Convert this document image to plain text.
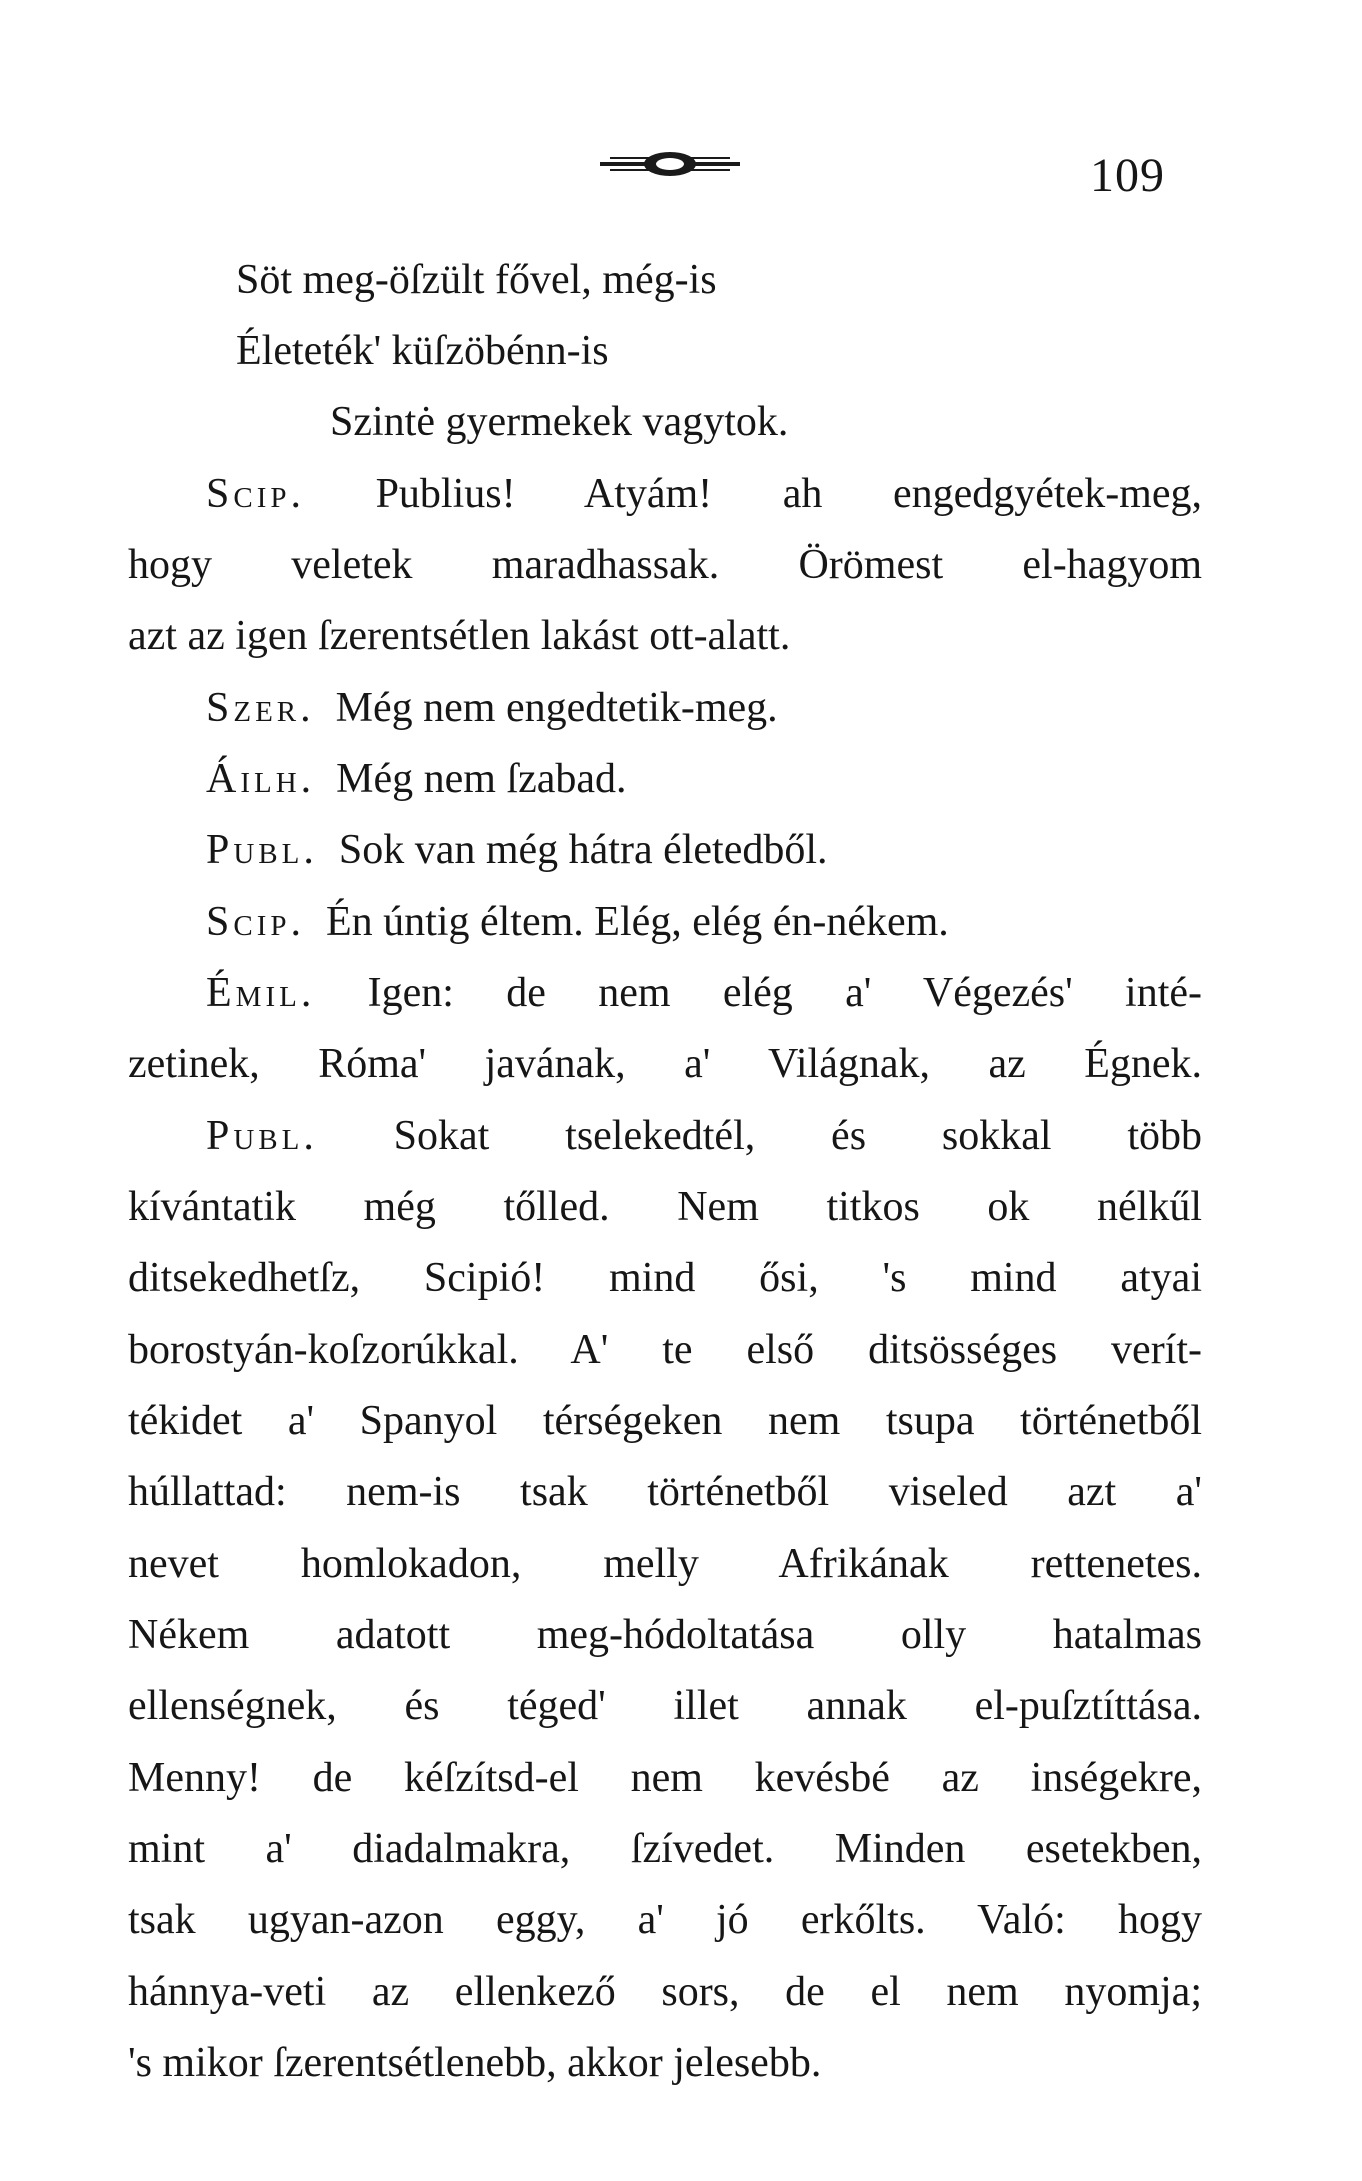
109
Söt meg-öſzült fővel, még-is
Életeték' küſzöbénn-is
Szintė gyermekek vagytok.
Scip. Publius! Atyám! ah engedgyétek-meg,
hogy veletek maradhassak. Örömest el-hagyom
azt az igen ſzerentsétlen lakást ott-alatt.
Szer. Még nem engedtetik-meg.
Áilh. Még nem ſzabad.
Publ. Sok van még hátra életedből.
Scip. Én úntig éltem. Elég, elég én-nékem.
Émil. Igen: de nem elég a' Végezés' inté-
zetinek, Róma' javának, a' Világnak, az Égnek.
Publ. Sokat tselekedtél, és sokkal több
kívántatik még tőlled. Nem titkos ok nélkűl
ditsekedhetſz, Scipió! mind ősi, 's mind atyai
borostyán-koſzorúkkal. A' te első ditsösséges verít-
tékidet a' Spanyol térségeken nem tsupa történetből
húllattad: nem-is tsak történetből viseled azt a'
nevet homlokadon, melly Afrikának rettenetes.
Nékem adatott meg-hódoltatása olly hatalmas
ellenségnek, és téged' illet annak el-puſztíttása.
Menny! de kéſzítsd-el nem kevésbé az inségekre,
mint a' diadalmakra, ſzívedet. Minden esetekben,
tsak ugyan-azon eggy, a' jó erkőlts. Való: hogy
hánnya-veti az ellenkező sors, de el nem nyomja;
's mikor ſzerentsétlenebb, akkor jelesebb.
